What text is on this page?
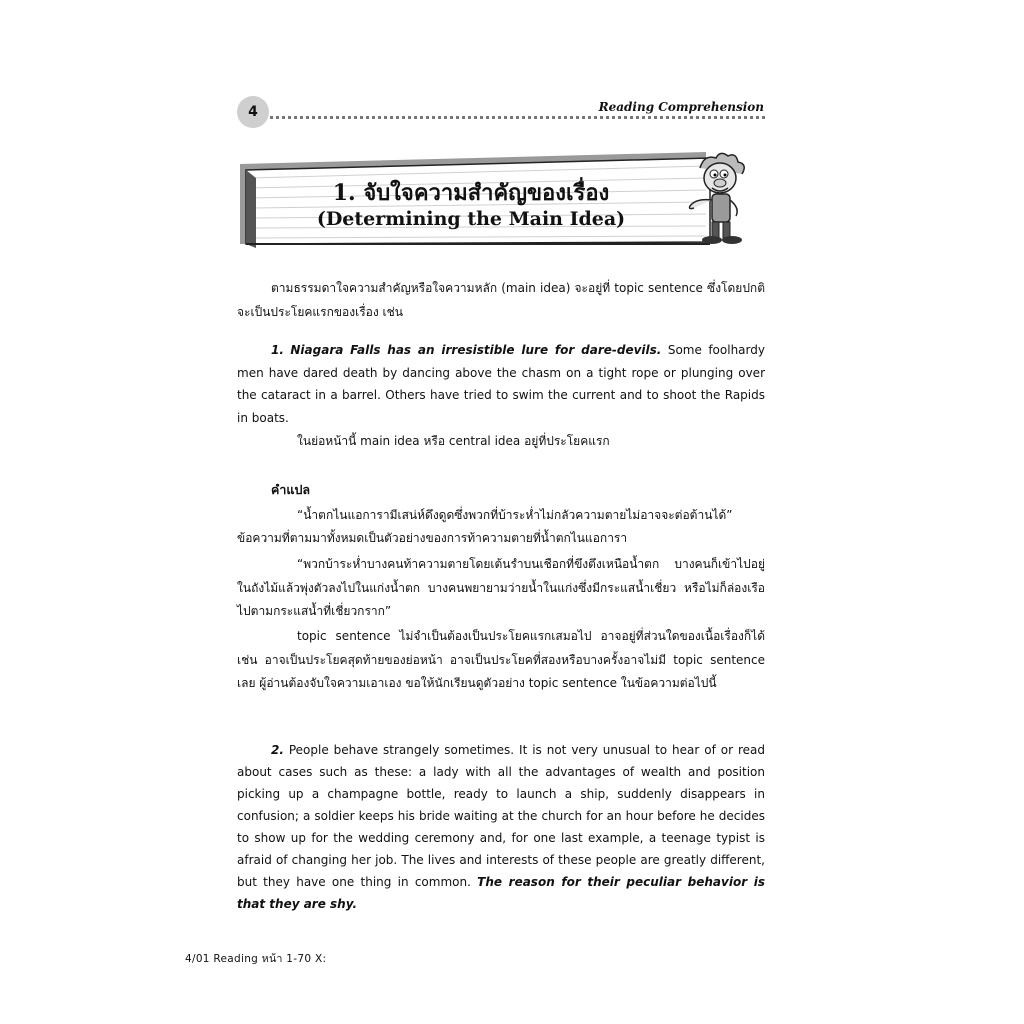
4	Reading Comprehension
1. จับใจความสำคัญของเรื่อง
(Determining the Main Idea)

ตามธรรมดาใจความสำคัญหรือใจความหลัก (main idea) จะอยู่ที่ topic sentence ซึ่งโดยปกติจะเป็นประโยคแรกของเรื่อง เช่น

1. Niagara Falls has an irresistible lure for dare-devils. Some foolhardy men have dared death by dancing above the chasm on a tight rope or plunging over the cataract in a barrel. Others have tried to swim the current and to shoot the Rapids in boats.

ในย่อหน้านี้ main idea หรือ central idea อยู่ที่ประโยคแรก

คำแปล

“น้ำตกไนแอการามีเสน่ห์ดึงดูดซึ่งพวกที่บ้าระห่ำไม่กลัวความตายไม่อาจจะต่อต้านได้” ข้อความที่ตามมาทั้งหมดเป็นตัวอย่างของการท้าความตายที่น้ำตกไนแอการา

“พวกบ้าระห่ำบางคนท้าความตายโดยเต้นรำบนเชือกที่ขึงตึงเหนือน้ำตก บางคนก็เข้าไปอยู่ในถังไม้แล้วพุ่งตัวลงไปในแก่งน้ำตก บางคนพยายามว่ายน้ำในแก่งซึ่งมีกระแสน้ำเชี่ยว หรือไม่ก็ล่องเรือไปตามกระแสน้ำที่เชี่ยวกราก”

topic sentence ไม่จำเป็นต้องเป็นประโยคแรกเสมอไป อาจอยู่ที่ส่วนใดของเนื้อเรื่องก็ได้ เช่น อาจเป็นประโยคสุดท้ายของย่อหน้า อาจเป็นประโยคที่สองหรือบางครั้งอาจไม่มี topic sentence เลย ผู้อ่านต้องจับใจความเอาเอง ขอให้นักเรียนดูตัวอย่าง topic sentence ในข้อความต่อไปนี้

2. People behave strangely sometimes. It is not very unusual to hear of or read about cases such as these: a lady with all the advantages of wealth and position picking up a champagne bottle, ready to launch a ship, suddenly disappears in confusion; a soldier keeps his bride waiting at the church for an hour before he decides to show up for the wedding ceremony and, for one last example, a teenage typist is afraid of changing her job. The lives and interests of these people are greatly different, but they have one thing in common. The reason for their peculiar behavior is that they are shy.

4/01 Reading หน้า 1-70 X:
